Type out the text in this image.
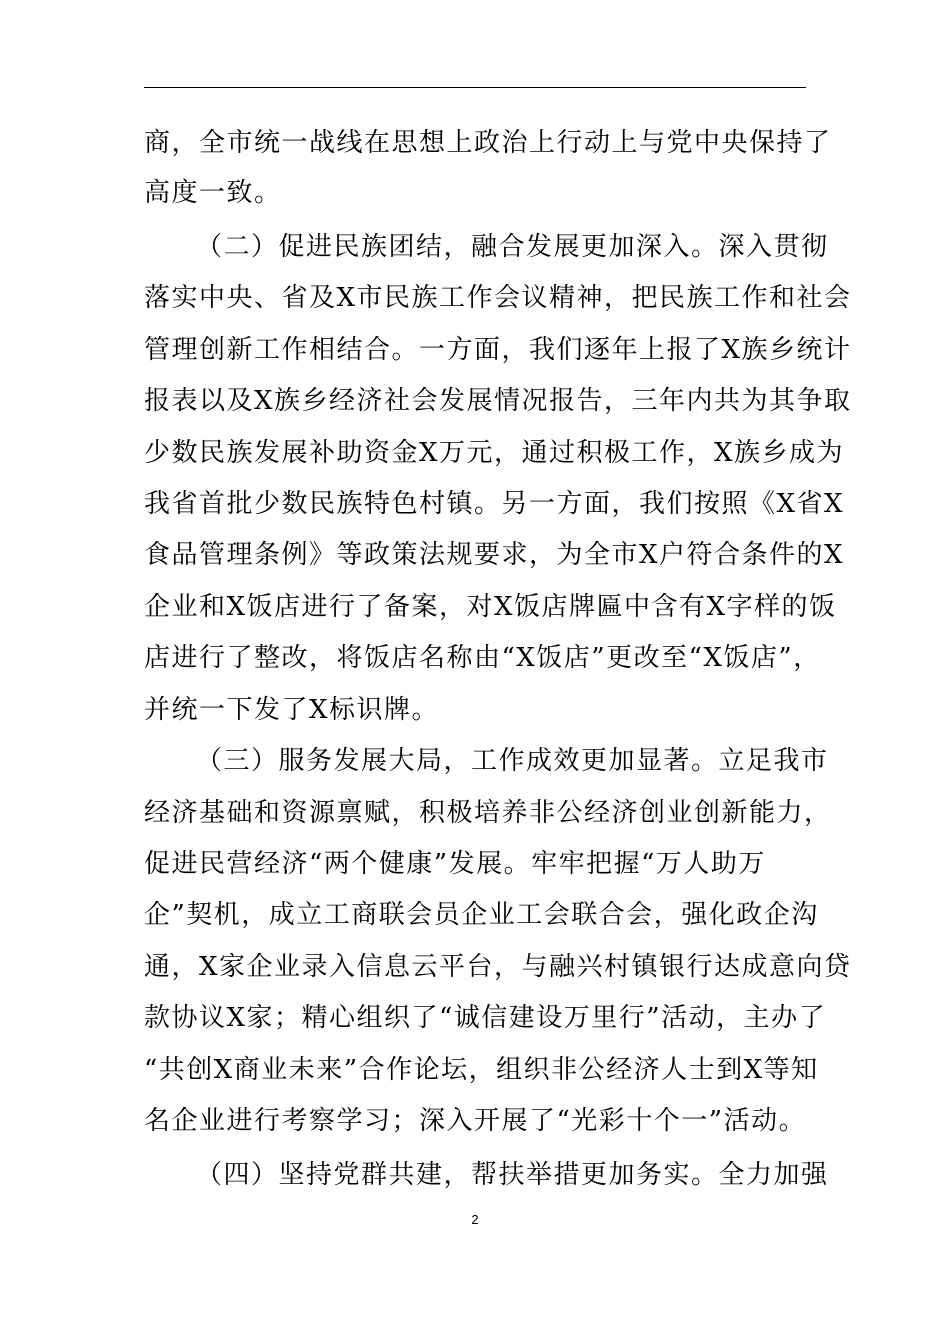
商，全市统一战线在思想上政治上行动上与党中央保持了
高度一致。
（二）促进民族团结，融合发展更加深入。深入贯彻
落实中央、省及X市民族工作会议精神，把民族工作和社会
管理创新工作相结合。一方面，我们逐年上报了X族乡统计
报表以及X族乡经济社会发展情况报告，三年内共为其争取
少数民族发展补助资金X万元，通过积极工作，X族乡成为
我省首批少数民族特色村镇。另一方面，我们按照《X省X
食品管理条例》等政策法规要求，为全市X户符合条件的X
企业和X饭店进行了备案，对X饭店牌匾中含有X字样的饭
店进行了整改，将饭店名称由“X饭店”更改至“X饭店”，
并统一下发了X标识牌。
（三）服务发展大局，工作成效更加显著。立足我市
经济基础和资源禀赋，积极培养非公经济创业创新能力，
促进民营经济“两个健康”发展。牢牢把握“万人助万
企”契机，成立工商联会员企业工会联合会，强化政企沟
通，X家企业录入信息云平台，与融兴村镇银行达成意向贷
款协议X家；精心组织了“诚信建设万里行”活动，主办了
“共创X商业未来”合作论坛，组织非公经济人士到X等知
名企业进行考察学习；深入开展了“光彩十个一”活动。
（四）坚持党群共建，帮扶举措更加务实。全力加强
2
